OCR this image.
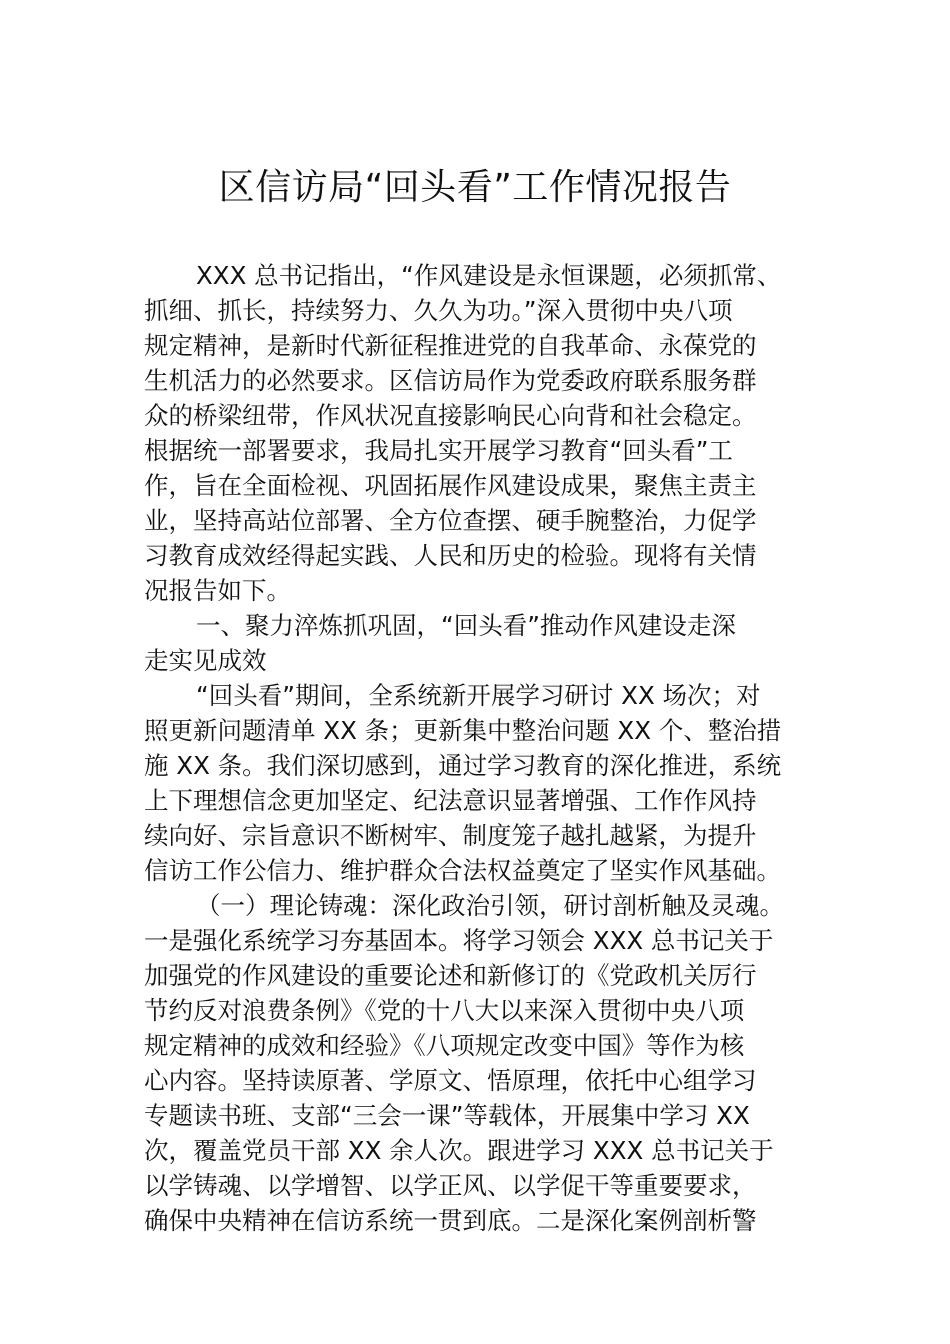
区信访局“回头看”工作情况报告
XXX 总书记指出，“作风建设是永恒课题，必须抓常、
抓细、抓长，持续努力、久久为功。”深入贯彻中央八项
规定精神，是新时代新征程推进党的自我革命、永葆党的
生机活力的必然要求。区信访局作为党委政府联系服务群
众的桥梁纽带，作风状况直接影响民心向背和社会稳定。
根据统一部署要求，我局扎实开展学习教育“回头看”工
作，旨在全面检视、巩固拓展作风建设成果，聚焦主责主
业，坚持高站位部署、全方位查摆、硬手腕整治，力促学
习教育成效经得起实践、人民和历史的检验。现将有关情
况报告如下。
一、聚力淬炼抓巩固，“回头看”推动作风建设走深
走实见成效
“回头看”期间，全系统新开展学习研讨 XX 场次；对
照更新问题清单 XX 条；更新集中整治问题 XX 个、整治措
施 XX 条。我们深切感到，通过学习教育的深化推进，系统
上下理想信念更加坚定、纪法意识显著增强、工作作风持
续向好、宗旨意识不断树牢、制度笼子越扎越紧，为提升
信访工作公信力、维护群众合法权益奠定了坚实作风基础。
（一）理论铸魂：深化政治引领，研讨剖析触及灵魂。
一是强化系统学习夯基固本。将学习领会 XXX 总书记关于
加强党的作风建设的重要论述和新修订的《党政机关厉行
节约反对浪费条例》《党的十八大以来深入贯彻中央八项
规定精神的成效和经验》《八项规定改变中国》等作为核
心内容。坚持读原著、学原文、悟原理，依托中心组学习
专题读书班、支部“三会一课”等载体，开展集中学习 XX
次，覆盖党员干部 XX 余人次。跟进学习 XXX 总书记关于
以学铸魂、以学增智、以学正风、以学促干等重要要求，
确保中央精神在信访系统一贯到底。二是深化案例剖析警
